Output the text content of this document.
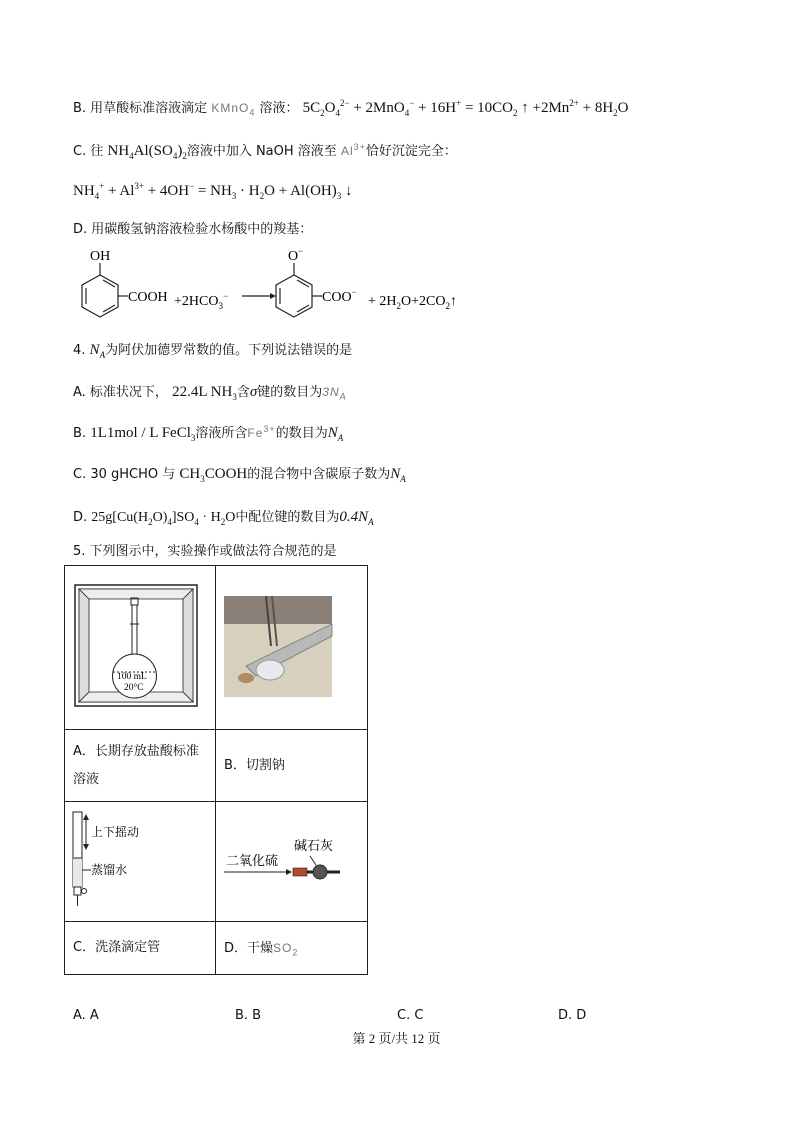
B. 用草酸标准溶液滴定 KMnO$_4$ 溶液： $5C_2O_4^{2-} + 2MnO_4^- + 16H^+ = 10CO_2$ ↑ $+2Mn^{2+} + 8H_2O$
C. 往 $NH_4Al(SO_4)_2$溶液中加入 NaOH 溶液至 $Al^{3+}$恰好沉淀完全：
$NH_4^+ + Al^{3+} + 4OH^- = NH_3 \cdot H_2O + Al(OH)_3$ ↓
D. 用碳酸氢钠溶液检验水杨酸中的羧基：
OH
COOH $+2HCO_3^-$
O−
COO−
+ $2H_2O+2CO_2↑$
4. $N_A$为阿伏加德罗常数的值。下列说法错误的是
A. 标准状况下， 22.4L $NH_3$含σ键的数目为$3N_A$
B. 1L1mol / L FeCl$_3$溶液所含$Fe^{3+}$的数目为$N_A$
C. 30 gHCHO 与 $CH_3COOH$的混合物中含碳原子数为$N_A$
D. $25g[Cu(H_2O)_4]SO_4 \cdot H_2O$中配位键的数目为$0.4N_A$
5. 下列图示中，实验操作或做法符合规范的是
100 mL
20°C

A．长期存放盐酸标准
溶液	B．切割钠

上下摇动
蒸馏水	二氧化硫
碱石灰

C．洗涤滴定管	D．干燥$SO_2$
A. A	B. B	C. C	D. D
第 2 页/共 12 页
